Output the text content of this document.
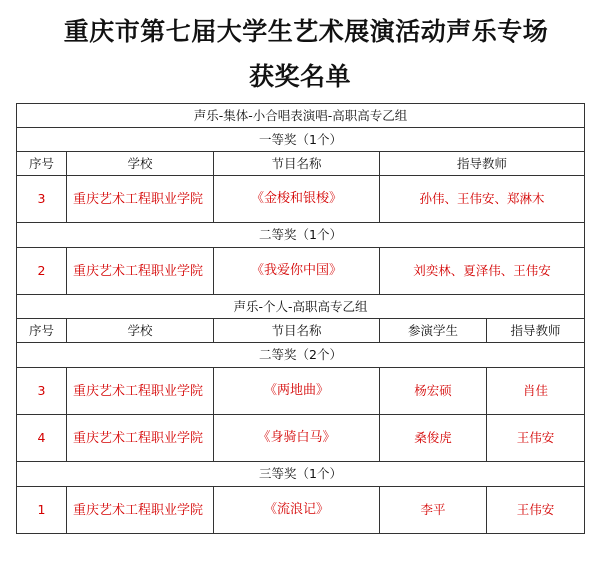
重庆市第七届大学生艺术展演活动声乐专场
获奖名单
声乐-集体-小合唱表演唱-高职高专乙组				
一等奖（1个）				
序号	学校	节目名称	指导教师	
3	重庆艺术工程职业学院	《金梭和银梭》	孙伟、王伟安、郑淋木	
二等奖（1个）				
2	重庆艺术工程职业学院	《我爱你中国》	刘奕林、夏泽伟、王伟安	
声乐-个人-高职高专乙组				
序号	学校	节目名称	参演学生	指导教师
二等奖（2个）				
3	重庆艺术工程职业学院	《两地曲》	杨宏硕	肖佳
4	重庆艺术工程职业学院	《身骑白马》	桑俊虎	王伟安
三等奖（1个）				
1	重庆艺术工程职业学院	《流浪记》	李平	王伟安
